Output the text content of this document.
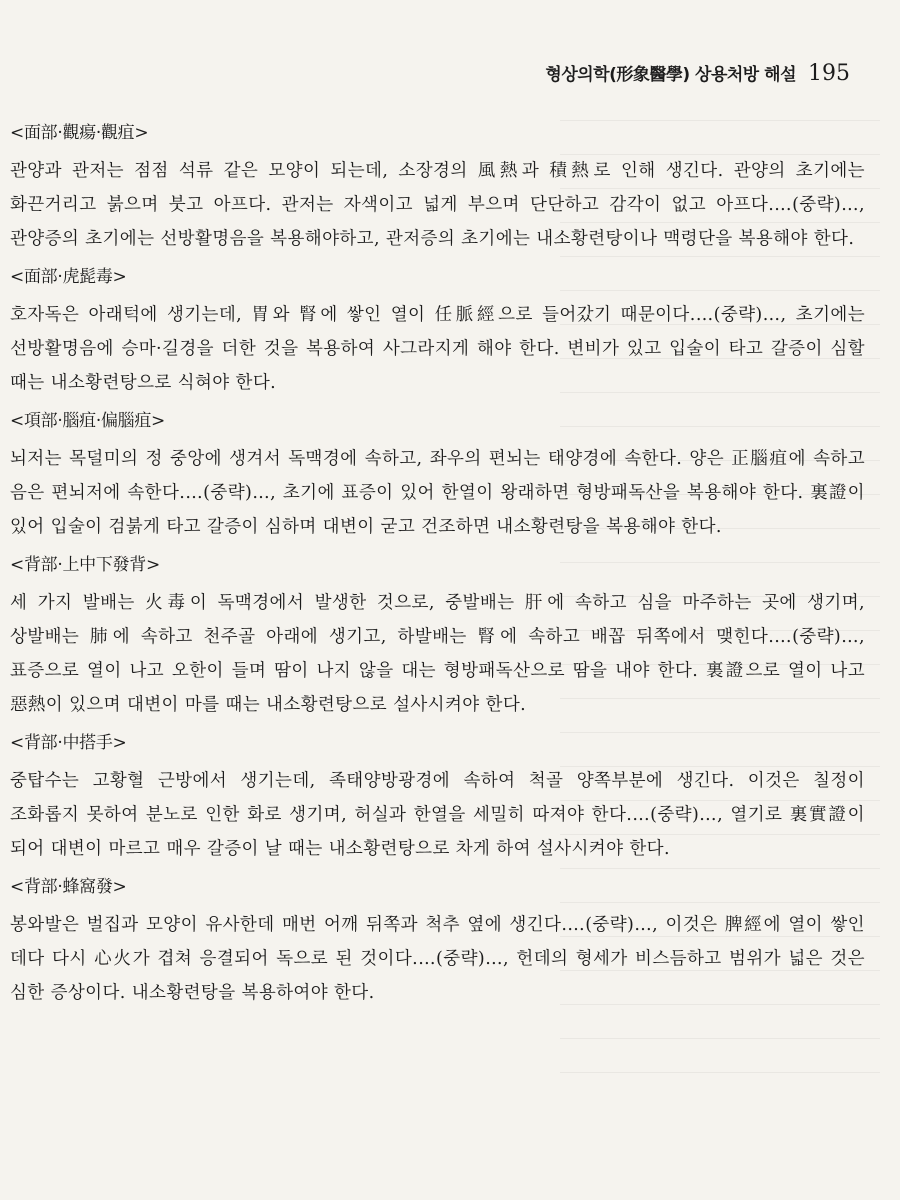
형상의학(形象醫學) 상용처방 해설 195
<面部·觀瘍·觀疽>

관양과 관저는 점점 석류 같은 모양이 되는데, 소장경의 風熱과 積熱로 인해 생긴다. 관양의 초기에는 화끈거리고 붉으며 붓고 아프다. 관저는 자색이고 넓게 부으며 단단하고 감각이 없고 아프다.…(중략)…, 관양증의 초기에는 선방활명음을 복용해야하고, 관저증의 초기에는 내소황련탕이나 맥령단을 복용해야 한다.

<面部·虎髭毒>

호자독은 아래턱에 생기는데, 胃와 腎에 쌓인 열이 任脈經으로 들어갔기 때문이다.…(중략)…, 초기에는 선방활명음에 승마·길경을 더한 것을 복용하여 사그라지게 해야 한다. 변비가 있고 입술이 타고 갈증이 심할 때는 내소황련탕으로 식혀야 한다.

<項部·腦疽·偏腦疽>

뇌저는 목덜미의 정 중앙에 생겨서 독맥경에 속하고, 좌우의 편뇌는 태양경에 속한다. 양은 正腦疽에 속하고 음은 편뇌저에 속한다.…(중략)…, 초기에 표증이 있어 한열이 왕래하면 형방패독산을 복용해야 한다. 裏證이 있어 입술이 검붉게 타고 갈증이 심하며 대변이 굳고 건조하면 내소황련탕을 복용해야 한다.

<背部·上中下發背>

세 가지 발배는 火毒이 독맥경에서 발생한 것으로, 중발배는 肝에 속하고 심을 마주하는 곳에 생기며, 상발배는 肺에 속하고 천주골 아래에 생기고, 하발배는 腎에 속하고 배꼽 뒤쪽에서 맺힌다.…(중략)…, 표증으로 열이 나고 오한이 들며 땀이 나지 않을 대는 형방패독산으로 땀을 내야 한다. 裏證으로 열이 나고 惡熱이 있으며 대변이 마를 때는 내소황련탕으로 설사시켜야 한다.

<背部·中搭手>

중탑수는 고황혈 근방에서 생기는데, 족태양방광경에 속하여 척골 양쪽부분에 생긴다. 이것은 칠정이 조화롭지 못하여 분노로 인한 화로 생기며, 허실과 한열을 세밀히 따져야 한다.…(중략)…, 열기로 裏實證이 되어 대변이 마르고 매우 갈증이 날 때는 내소황련탕으로 차게 하여 설사시켜야 한다.

<背部·蜂窩發>

봉와발은 벌집과 모양이 유사한데 매번 어깨 뒤쪽과 척추 옆에 생긴다.…(중략)…, 이것은 脾經에 열이 쌓인 데다 다시 心火가 겹쳐 응결되어 독으로 된 것이다.…(중략)…, 헌데의 형세가 비스듬하고 범위가 넓은 것은 심한 증상이다. 내소황련탕을 복용하여야 한다.
